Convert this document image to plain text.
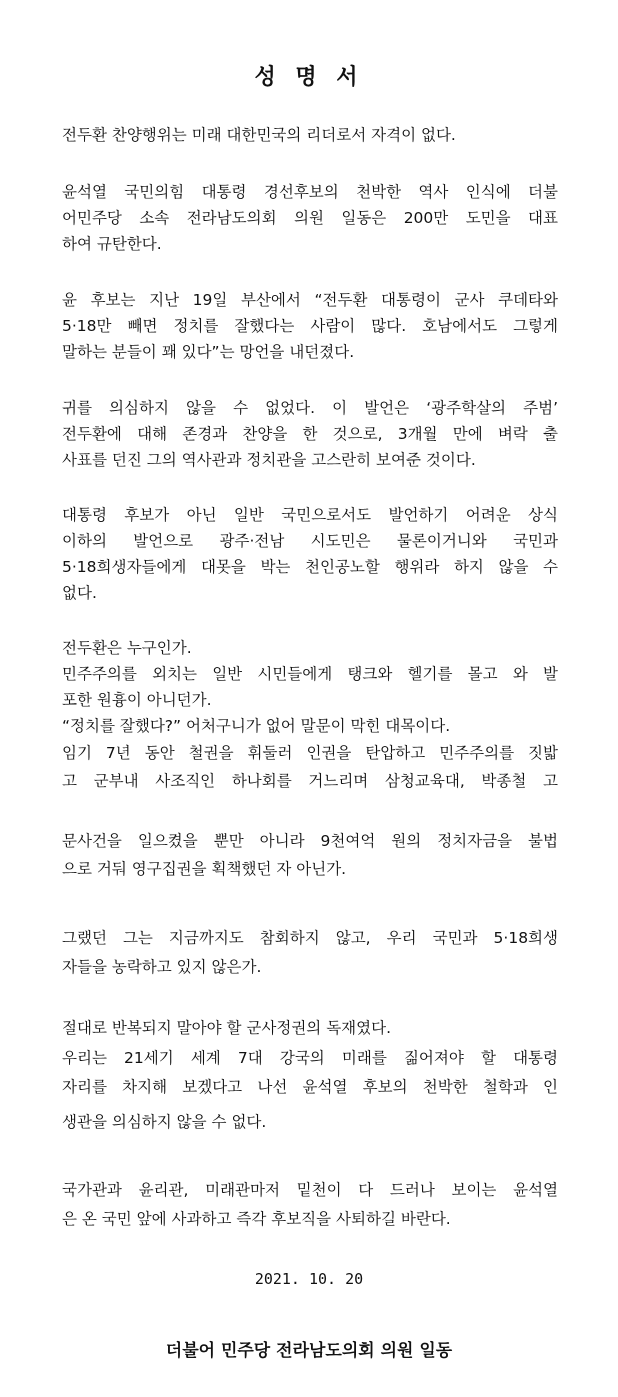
성 명 서
전두환 찬양행위는 미래 대한민국의 리더로서 자격이 없다.
윤석열 국민의힘 대통령 경선후보의 천박한 역사 인식에 더불
어민주당 소속 전라남도의회 의원 일동은 200만 도민을 대표
하여 규탄한다.
윤 후보는 지난 19일 부산에서 “전두환 대통령이 군사 쿠데타와
5·18만 빼면 정치를 잘했다는 사람이 많다. 호남에서도 그렇게
말하는 분들이 꽤 있다”는 망언을 내던졌다.
귀를 의심하지 않을 수 없었다. 이 발언은 ‘광주학살의 주범’
전두환에 대해 존경과 찬양을 한 것으로, 3개월 만에 벼락 출
사표를 던진 그의 역사관과 정치관을 고스란히 보여준 것이다.
대통령 후보가 아닌 일반 국민으로서도 발언하기 어려운 상식
이하의 발언으로 광주·전남 시도민은 물론이거니와 국민과
5·18희생자들에게 대못을 박는 천인공노할 행위라 하지 않을 수
없다.
전두환은 누구인가.
민주주의를 외치는 일반 시민들에게 탱크와 헬기를 몰고 와 발
포한 원흉이 아니던가.
“정치를 잘했다?” 어처구니가 없어 말문이 막힌 대목이다.
임기 7년 동안 철권을 휘둘러 인권을 탄압하고 민주주의를 짓밟
고 군부내 사조직인 하나회를 거느리며 삼청교육대, 박종철 고
문사건을 일으켰을 뿐만 아니라 9천여억 원의 정치자금을 불법
으로 거둬 영구집권을 획책했던 자 아닌가.
그랬던 그는 지금까지도 참회하지 않고, 우리 국민과 5·18희생
자들을 농락하고 있지 않은가.
절대로 반복되지 말아야 할 군사정권의 독재였다.
우리는 21세기 세계 7대 강국의 미래를 짊어져야 할 대통령
자리를 차지해 보겠다고 나선 윤석열 후보의 천박한 철학과 인
생관을 의심하지 않을 수 없다.
국가관과 윤리관, 미래관마저 밑천이 다 드러나 보이는 윤석열
은 온 국민 앞에 사과하고 즉각 후보직을 사퇴하길 바란다.
2021. 10. 20
더불어 민주당 전라남도의회 의원 일동
